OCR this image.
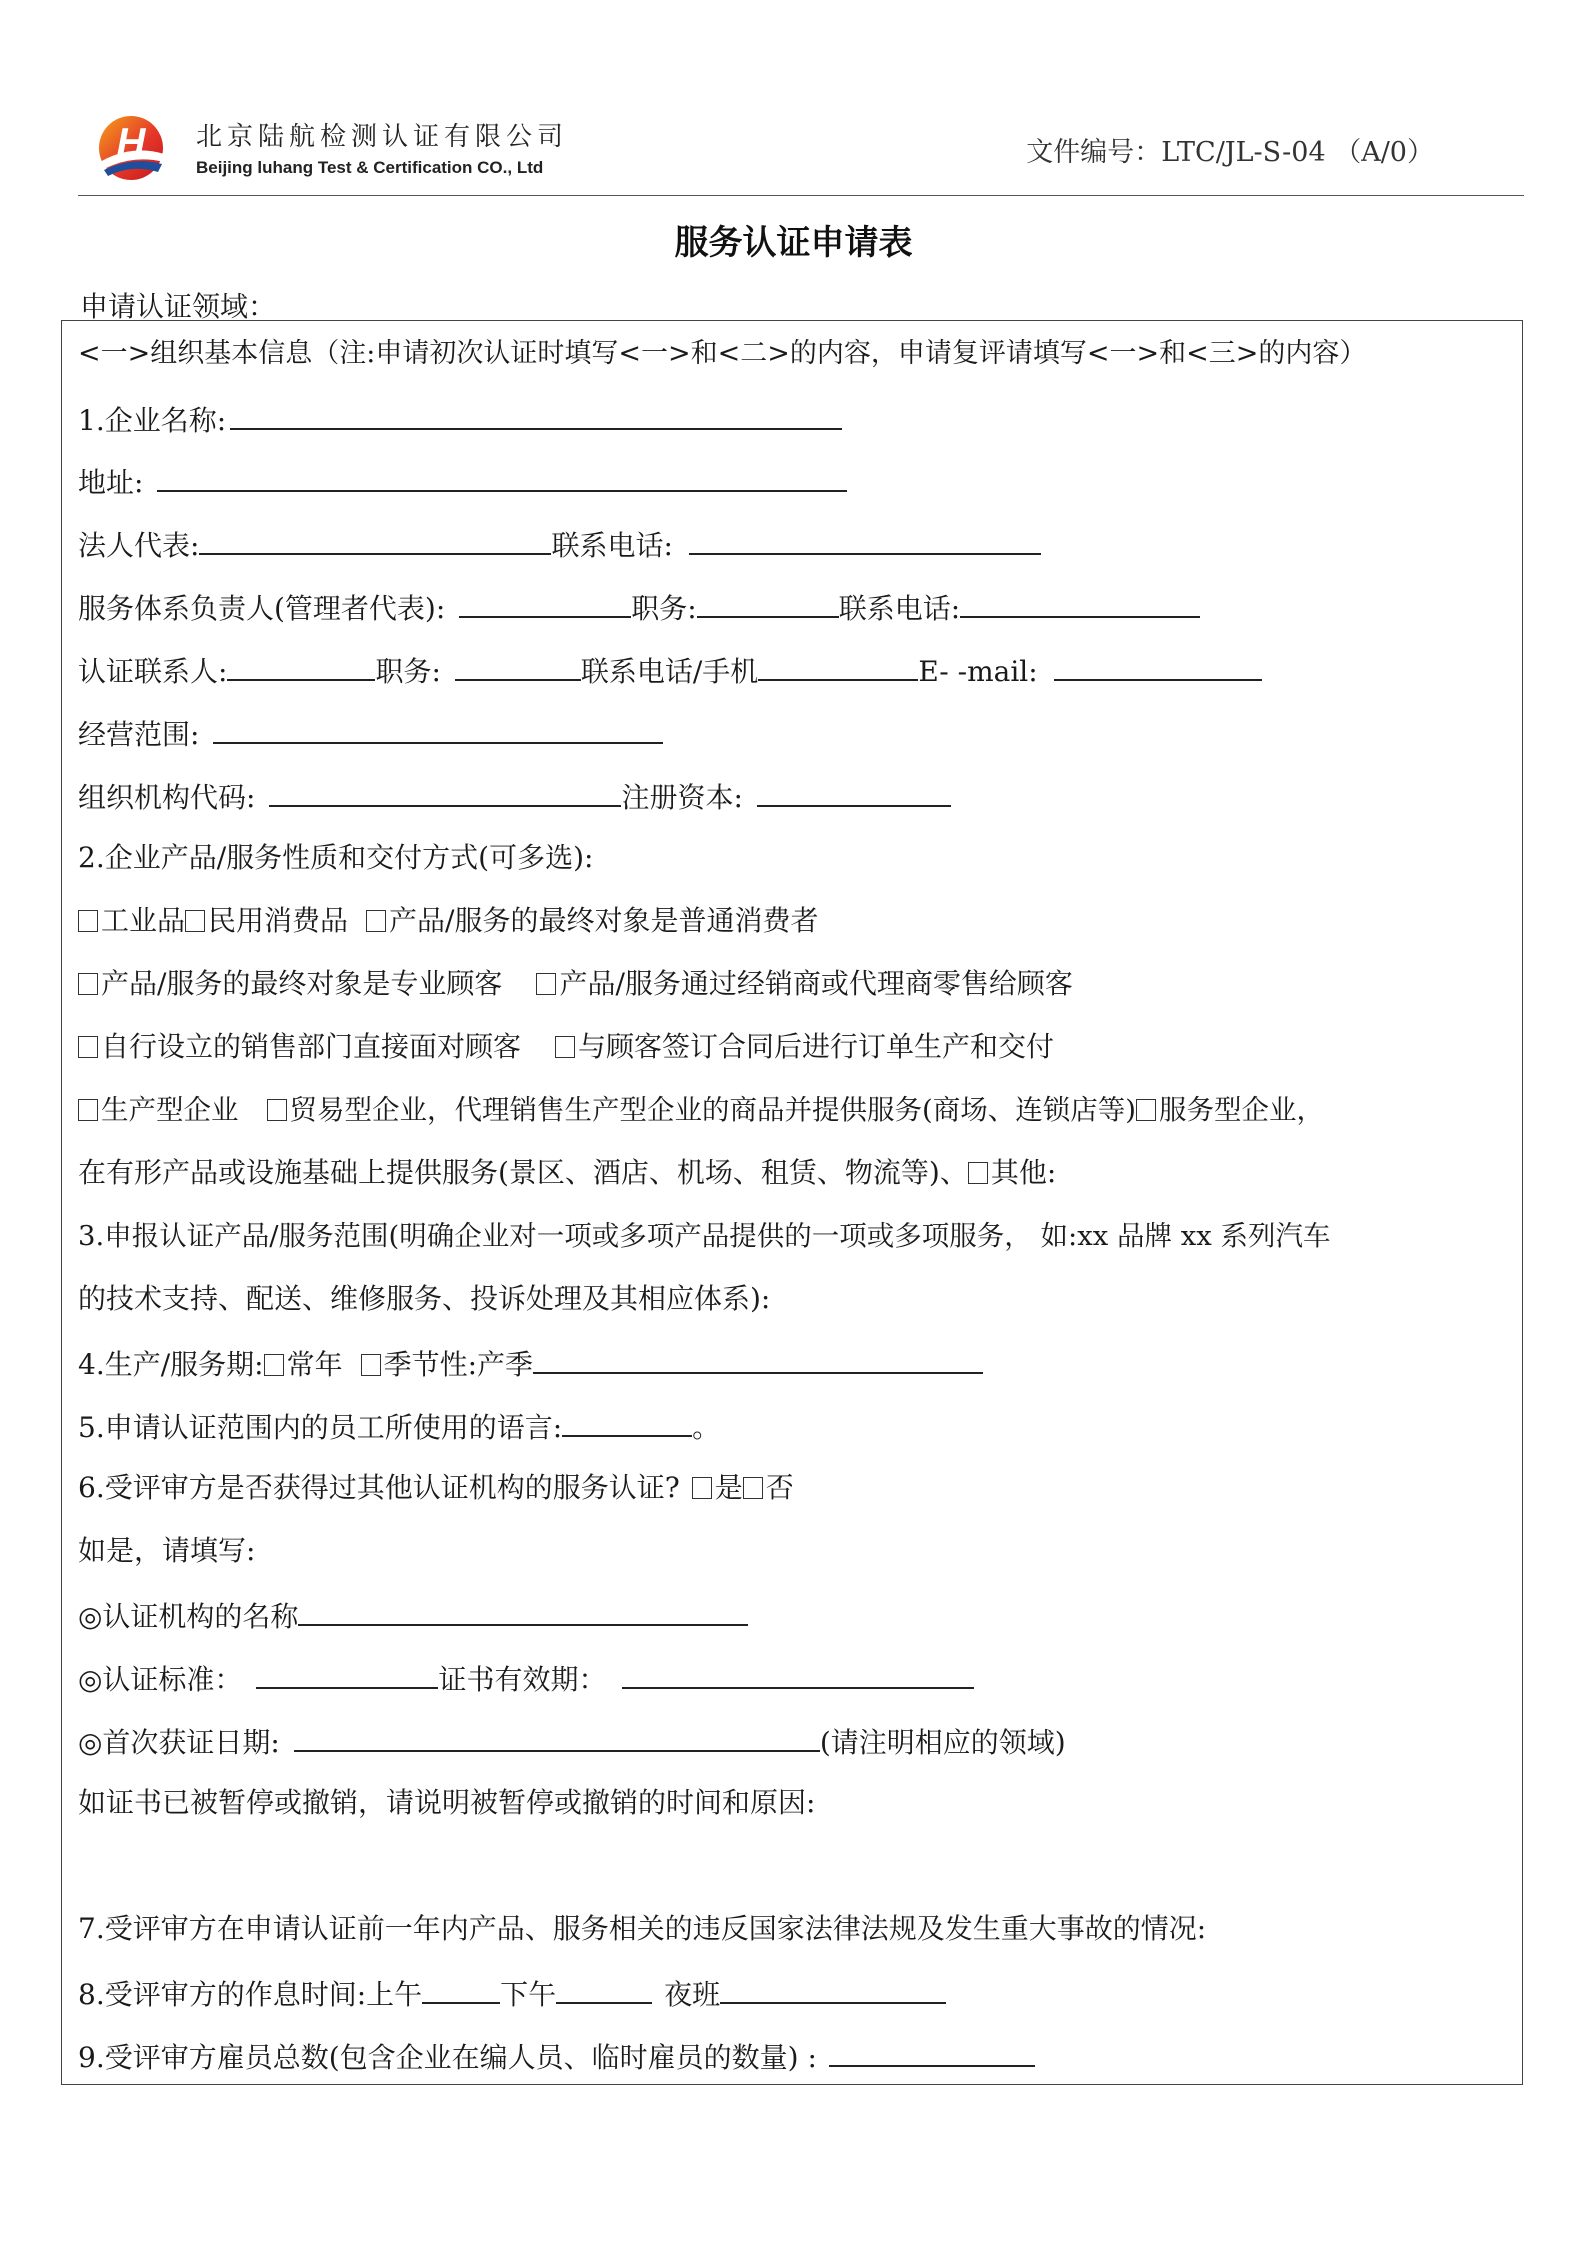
H 北京陆航检测认证有限公司
Beijing luhang Test & Certification CO., Ltd	文件编号：LTC/JL-S-04 （A/0）
服务认证申请表
申请认证领域：
<一>组织基本信息（注:申请初次认证时填写<一>和<二>的内容，申请复评请填写<一>和<三>的内容）
1.企业名称:
地址:
法人代表:	联系电话:
服务体系负责人(管理者代表):	职务:	联系电话:
认证联系人:	职务:	联系电话/手机	E- -mail:
经营范围:
组织机构代码:	注册资本:
2.企业产品/服务性质和交付方式(可多选):
工业品 民用消费品 产品/服务的最终对象是普通消费者
产品/服务的最终对象是专业顾客 产品/服务通过经销商或代理商零售给顾客
自行设立的销售部门直接面对顾客 与顾客签订合同后进行订单生产和交付
生产型企业 贸易型企业，代理销售生产型企业的商品并提供服务(商场、连锁店等) 服务型企业，
在有形产品或设施基础上提供服务(景区、酒店、机场、租赁、物流等)、 其他:
3.申报认证产品/服务范围(明确企业对一项或多项产品提供的一项或多项服务， 如:xx 品牌 xx 系列汽车
的技术支持、配送、维修服务、投诉处理及其相应体系):
4.生产/服务期: 常年 季节性:产季
5.申请认证范围内的员工所使用的语言:	。
6.受评审方是否获得过其他认证机构的服务认证? 是 否
如是，请填写:
◎认证机构的名称
◎认证标准：	证书有效期：
◎首次获证日期:	(请注明相应的领域)
如证书已被暂停或撤销，请说明被暂停或撤销的时间和原因:
7.受评审方在申请认证前一年内产品、服务相关的违反国家法律法规及发生重大事故的情况:
8.受评审方的作息时间:上午	下午	夜班
9.受评审方雇员总数(包含企业在编人员、临时雇员的数量) :
